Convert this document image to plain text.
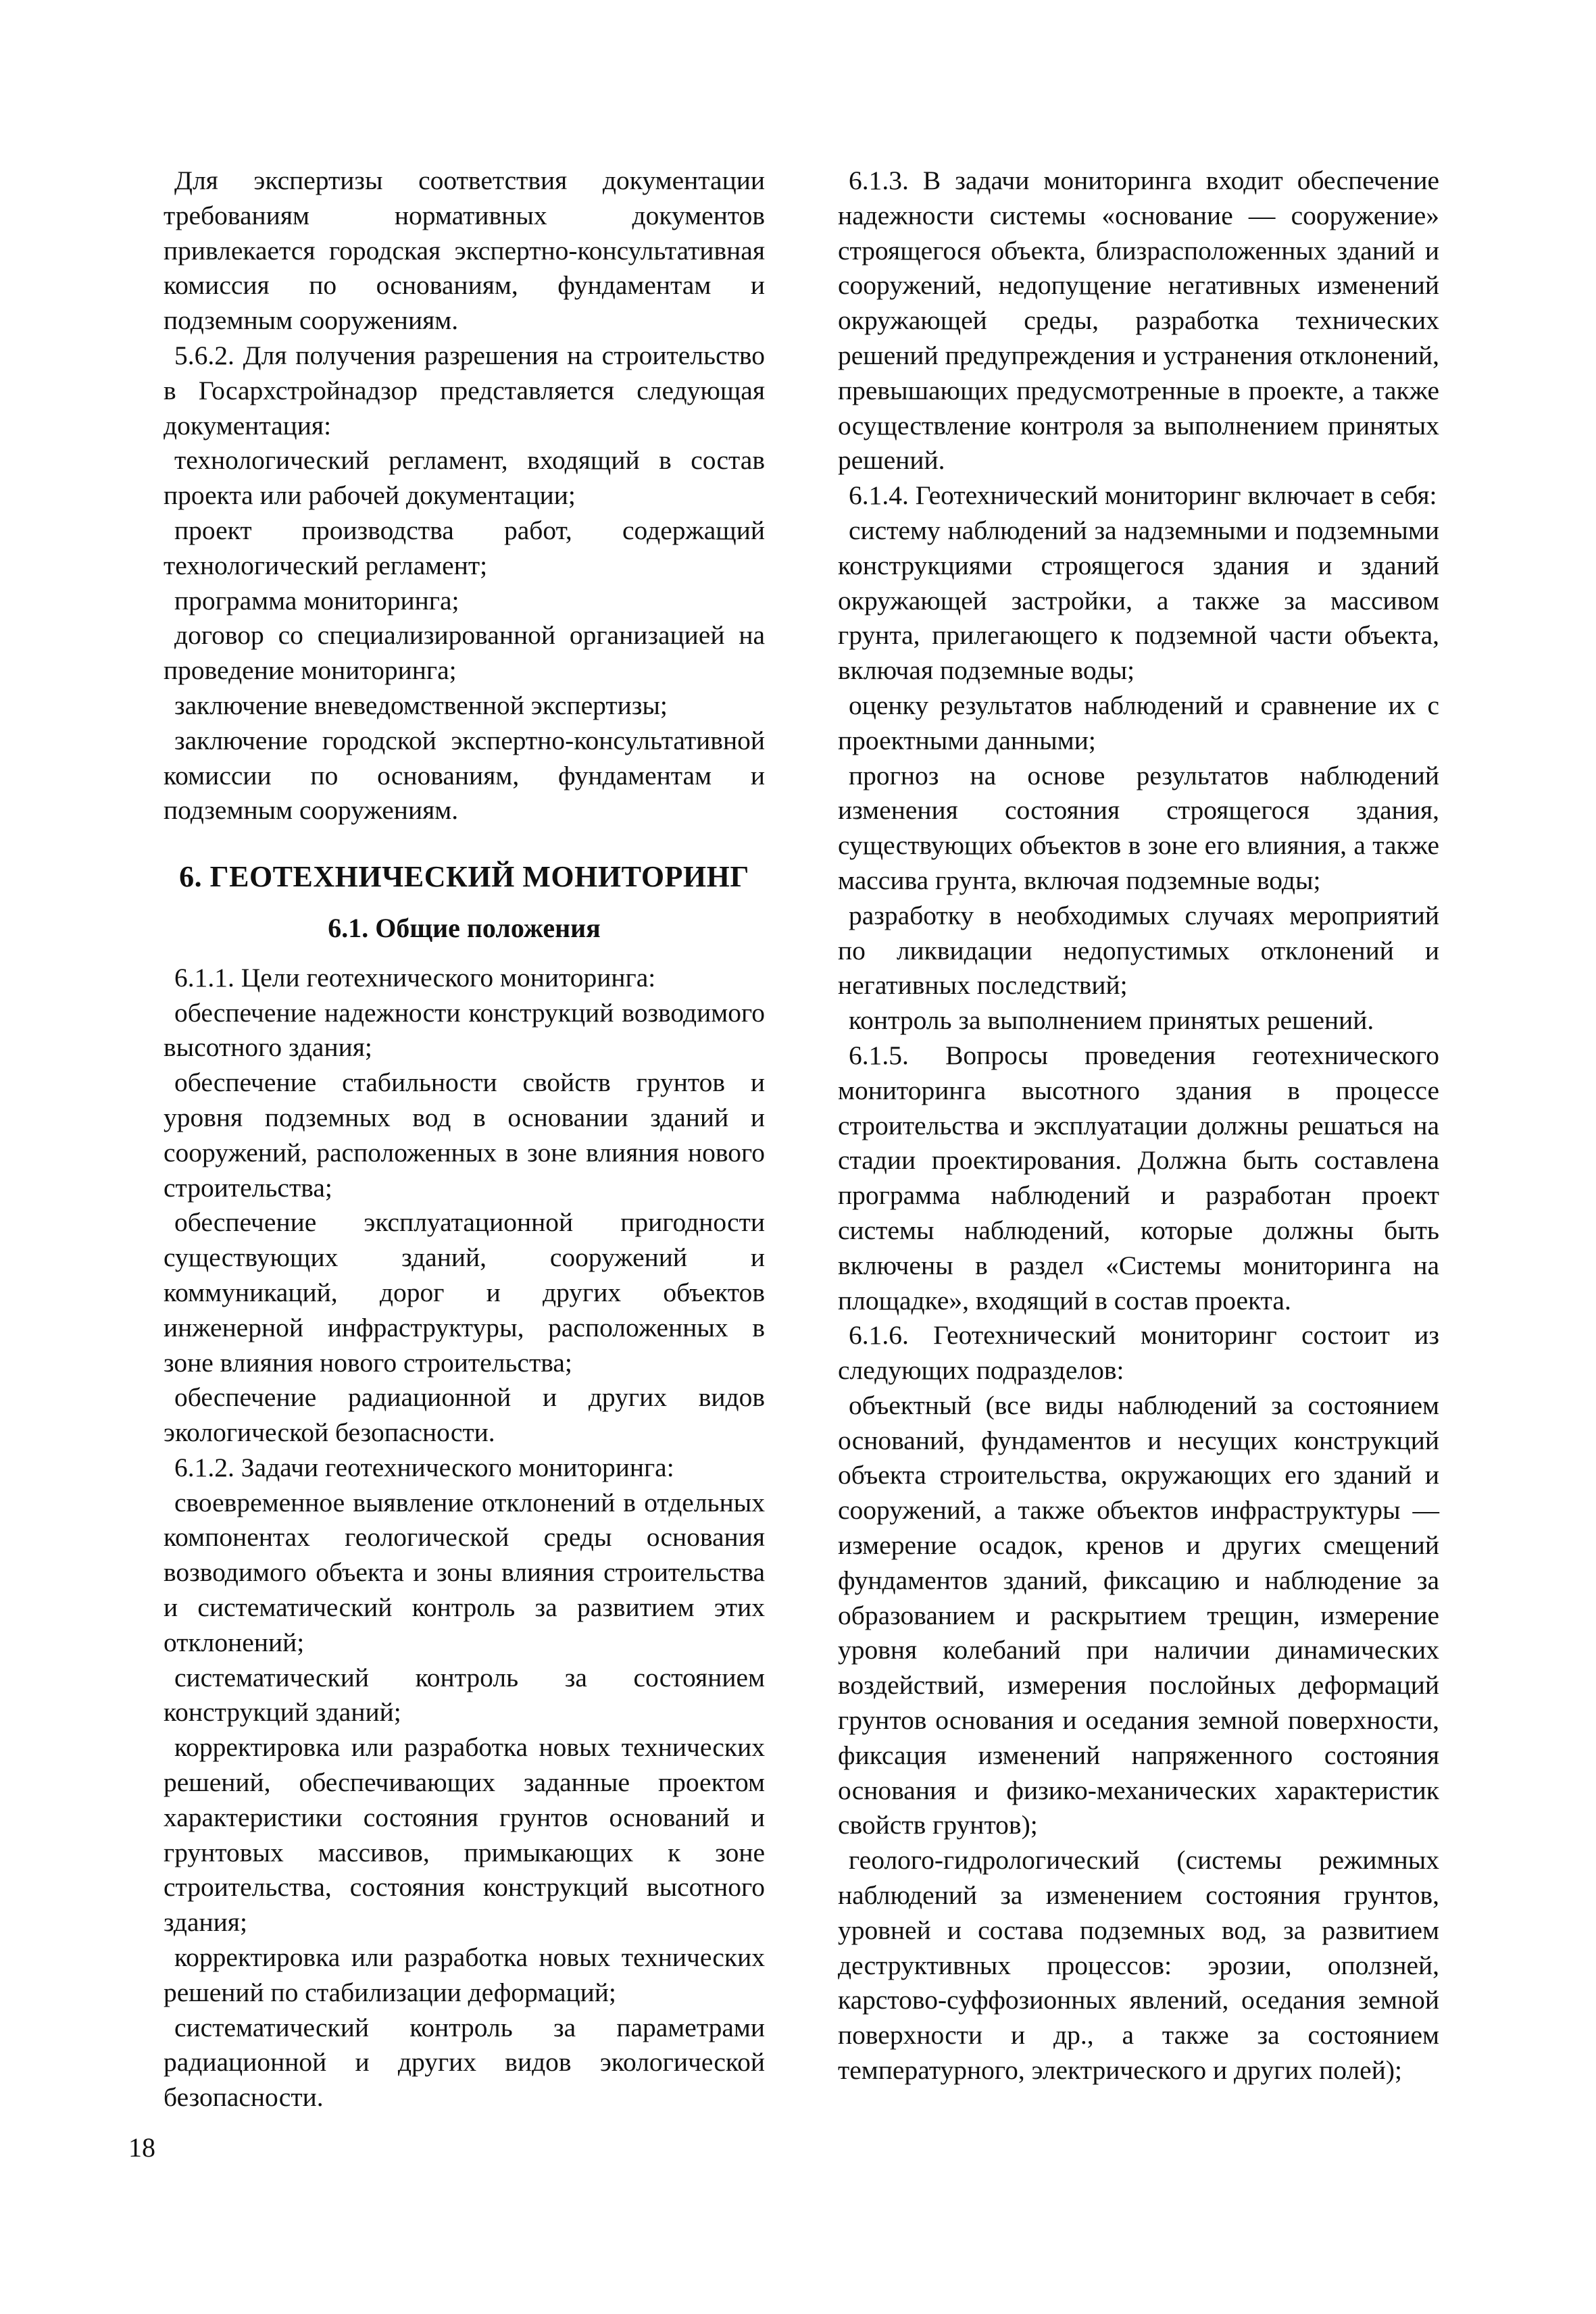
Для экспертизы соответствия документации требованиям нормативных документов привлекается городская экспертно-консультативная комиссия по основаниям, фундаментам и подземным сооружениям.

5.6.2. Для получения разрешения на строительство в Госархстройнадзор представляется следующая документация:

технологический регламент, входящий в состав проекта или рабочей документации;

проект производства работ, содержащий технологический регламент;

программа мониторинга;

договор со специализированной организацией на проведение мониторинга;

заключение вневедомственной экспертизы;

заключение городской экспертно-консультативной комиссии по основаниям, фундаментам и подземным сооружениям.

6. ГЕОТЕХНИЧЕСКИЙ МОНИТОРИНГ
6.1. Общие положения

6.1.1. Цели геотехнического мониторинга:

обеспечение надежности конструкций возводимого высотного здания;

обеспечение стабильности свойств грунтов и уровня подземных вод в основании зданий и сооружений, расположенных в зоне влияния нового строительства;

обеспечение эксплуатационной пригодности существующих зданий, сооружений и коммуникаций, дорог и других объектов инженерной инфраструктуры, расположенных в зоне влияния нового строительства;

обеспечение радиационной и других видов экологической безопасности.

6.1.2. Задачи геотехнического мониторинга:

своевременное выявление отклонений в отдельных компонентах геологической среды основания возводимого объекта и зоны влияния строительства и систематический контроль за развитием этих отклонений;

систематический контроль за состоянием конструкций зданий;

корректировка или разработка новых технических решений, обеспечивающих заданные проектом характеристики состояния грунтов оснований и грунтовых массивов, примыкающих к зоне строительства, состояния конструкций высотного здания;

корректировка или разработка новых технических решений по стабилизации деформаций;

систематический контроль за параметрами радиационной и других видов экологической безопасности.

6.1.3. В задачи мониторинга входит обеспечение надежности системы «основание — сооружение» строящегося объекта, близрасположенных зданий и сооружений, недопущение негативных изменений окружающей среды, разработка технических решений предупреждения и устранения отклонений, превышающих предусмотренные в проекте, а также осуществление контроля за выполнением принятых решений.

6.1.4. Геотехнический мониторинг включает в себя:

систему наблюдений за надземными и подземными конструкциями строящегося здания и зданий окружающей застройки, а также за массивом грунта, прилегающего к подземной части объекта, включая подземные воды;

оценку результатов наблюдений и сравнение их с проектными данными;

прогноз на основе результатов наблюдений изменения состояния строящегося здания, существующих объектов в зоне его влияния, а также массива грунта, включая подземные воды;

разработку в необходимых случаях мероприятий по ликвидации недопустимых отклонений и негативных последствий;

контроль за выполнением принятых решений.

6.1.5. Вопросы проведения геотехнического мониторинга высотного здания в процессе строительства и эксплуатации должны решаться на стадии проектирования. Должна быть составлена программа наблюдений и разработан проект системы наблюдений, которые должны быть включены в раздел «Системы мониторинга на площадке», входящий в состав проекта.

6.1.6. Геотехнический мониторинг состоит из следующих подразделов:

объектный (все виды наблюдений за состоянием оснований, фундаментов и несущих конструкций объекта строительства, окружающих его зданий и сооружений, а также объектов инфраструктуры — измерение осадок, кренов и других смещений фундаментов зданий, фиксацию и наблюдение за образованием и раскрытием трещин, измерение уровня колебаний при наличии динамических воздействий, измерения послойных деформаций грунтов основания и оседания земной поверхности, фиксация изменений напряженного состояния основания и физико-механических характеристик свойств грунтов);

геолого-гидрологический (системы режимных наблюдений за изменением состояния грунтов, уровней и состава подземных вод, за развитием деструктивных процессов: эрозии, оползней, карстово-суффозионных явлений, оседания земной поверхности и др., а также за состоянием температурного, электрического и других полей);

18
